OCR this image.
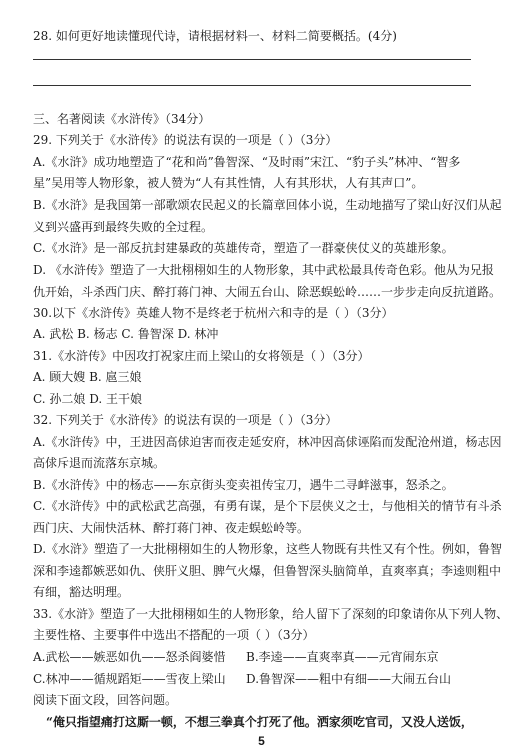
28. 如何更好地读懂现代诗，请根据材料一、材料二简要概括。(4分)
三、名著阅读《水浒传》（34分）
29. 下列关于《水浒传》的说法有误的一项是（ ）（3分）
A.《水浒》成功地塑造了“花和尚”鲁智深、“及时雨”宋江、“豹子头”林冲、“智多
星”吴用等人物形象，被人赞为“人有其性情，人有其形状，人有其声口”。
B.《水浒》是我国第一部歌颂农民起义的长篇章回体小说，生动地描写了梁山好汉们从起
义到兴盛再到最终失败的全过程。
C.《水浒》是一部反抗封建暴政的英雄传奇，塑造了一群豪侠仗义的英雄形象。
D. 《水浒传》塑造了一大批栩栩如生的人物形象，其中武松最具传奇色彩。他从为兄报
仇开始，斗杀西门庆、醉打蒋门神、大闹五台山、除恶蜈蚣岭……一步步走向反抗道路。
30.以下《水浒传》英雄人物不是终老于杭州六和寺的是（ ）（3分）
A. 武松 B. 杨志 C. 鲁智深 D. 林冲
31.《水浒传》中因攻打祝家庄而上梁山的女将领是（ ）（3分）
A. 顾大嫂 B. 扈三娘
C. 孙二娘 D. 王干娘
32. 下列关于《水浒传》的说法有误的一项是（ ）（3分）
A.《水浒传》中，王进因高俅迫害而夜走延安府，林冲因高俅诬陷而发配沧州道，杨志因
高俅斥退而流落东京城。
B.《水浒传》中的杨志——东京街头变卖祖传宝刀，遇牛二寻衅滋事，怒杀之。
C.《水浒传》中的武松武艺高强，有勇有谋，是个下层侠义之士，与他相关的情节有斗杀
西门庆、大闹快活林、醉打蒋门神、夜走蜈蚣岭等。
D.《水浒》塑造了一大批栩栩如生的人物形象，这些人物既有共性又有个性。例如，鲁智
深和李逵都嫉恶如仇、侠肝义胆、脾气火爆，但鲁智深头脑简单，直爽率真；李逵则粗中
有细，豁达明理。
33.《水浒》塑造了一大批栩栩如生的人物形象，给人留下了深刻的印象请你从下列人物、
主要性格、主要事件中选出不搭配的一项（ ）（3分）
A.武松——嫉恶如仇——怒杀阎婆惜 B.李逵——直爽率真——元宵闹东京
C.林冲——循规蹈矩——雪夜上梁山 D.鲁智深——粗中有细——大闹五台山
阅读下面文段，回答问题。
“俺只指望痛打这厮一顿，不想三拳真个打死了他。洒家须吃官司，又没人送饭，
5
